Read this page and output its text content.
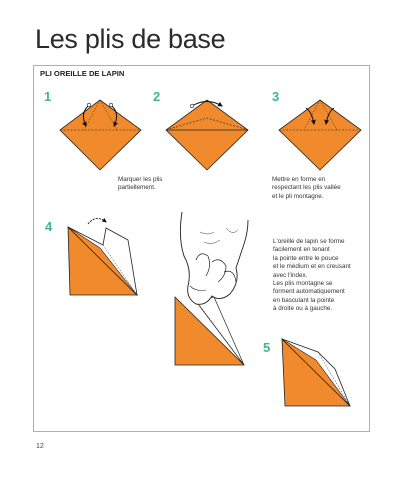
Les plis de base
PLI OREILLE DE LAPIN
1	2	3
4
5
Marquer les plis
partiellement.
Mettre en forme en
respectant les plis vallée
et le pli montagne.
L'oreille de lapin se forme
facilement en tenant
la pointe entre le pouce
et le médium et en creusant
avec l'index.
Les plis montagne se
forment automatiquement
en basculant la pointe
à droite ou à gauche.
12
